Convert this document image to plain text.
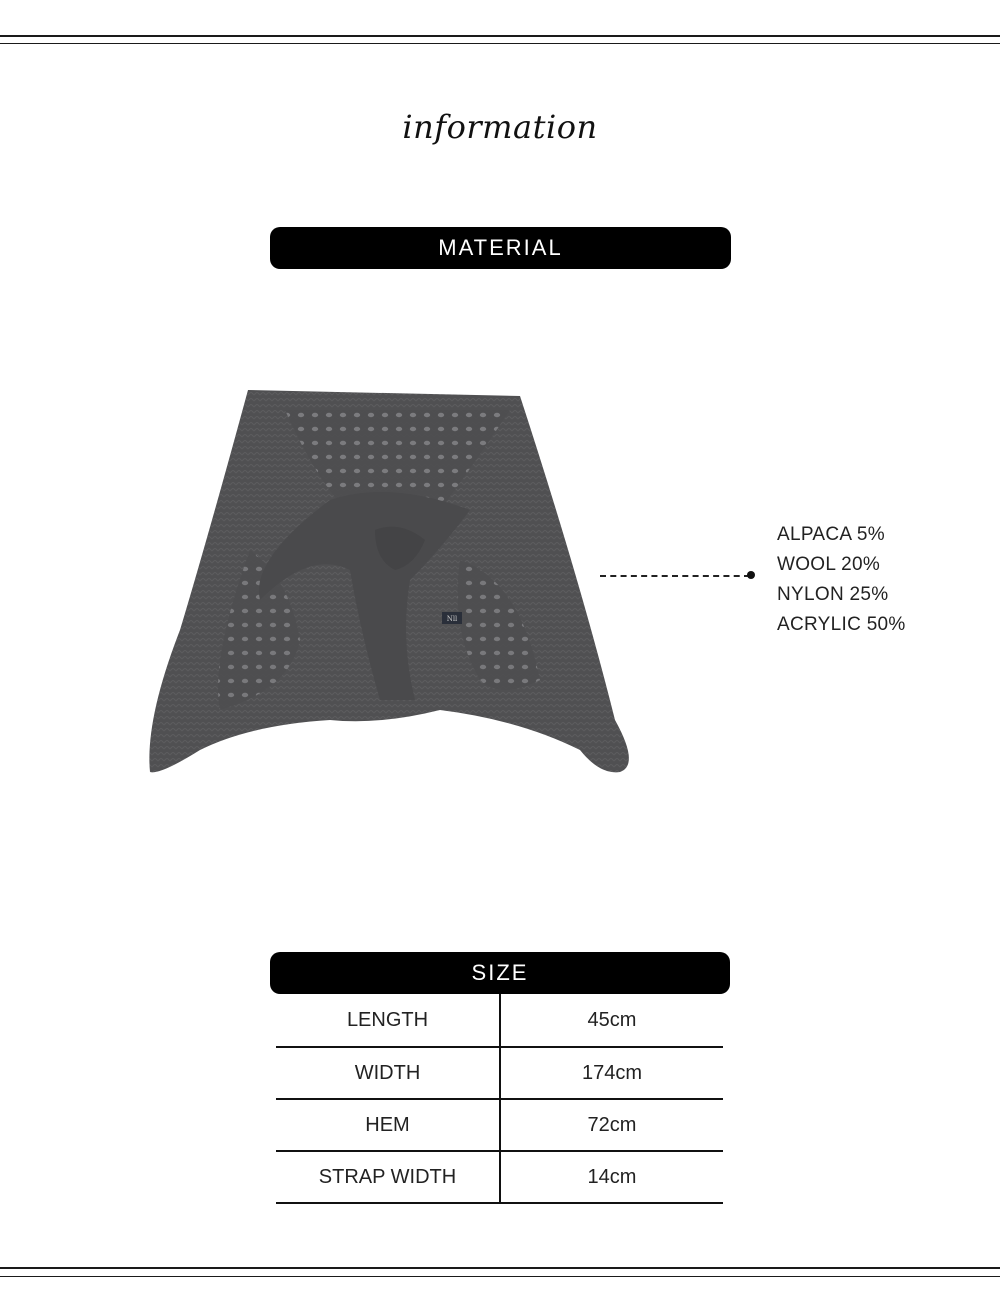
information
MATERIAL
Nll
ALPACA 5%
WOOL 20%
NYLON 25%
ACRYLIC 50%
SIZE
LENGTH	45cm
WIDTH	174cm
HEM	72cm
STRAP WIDTH	14cm
